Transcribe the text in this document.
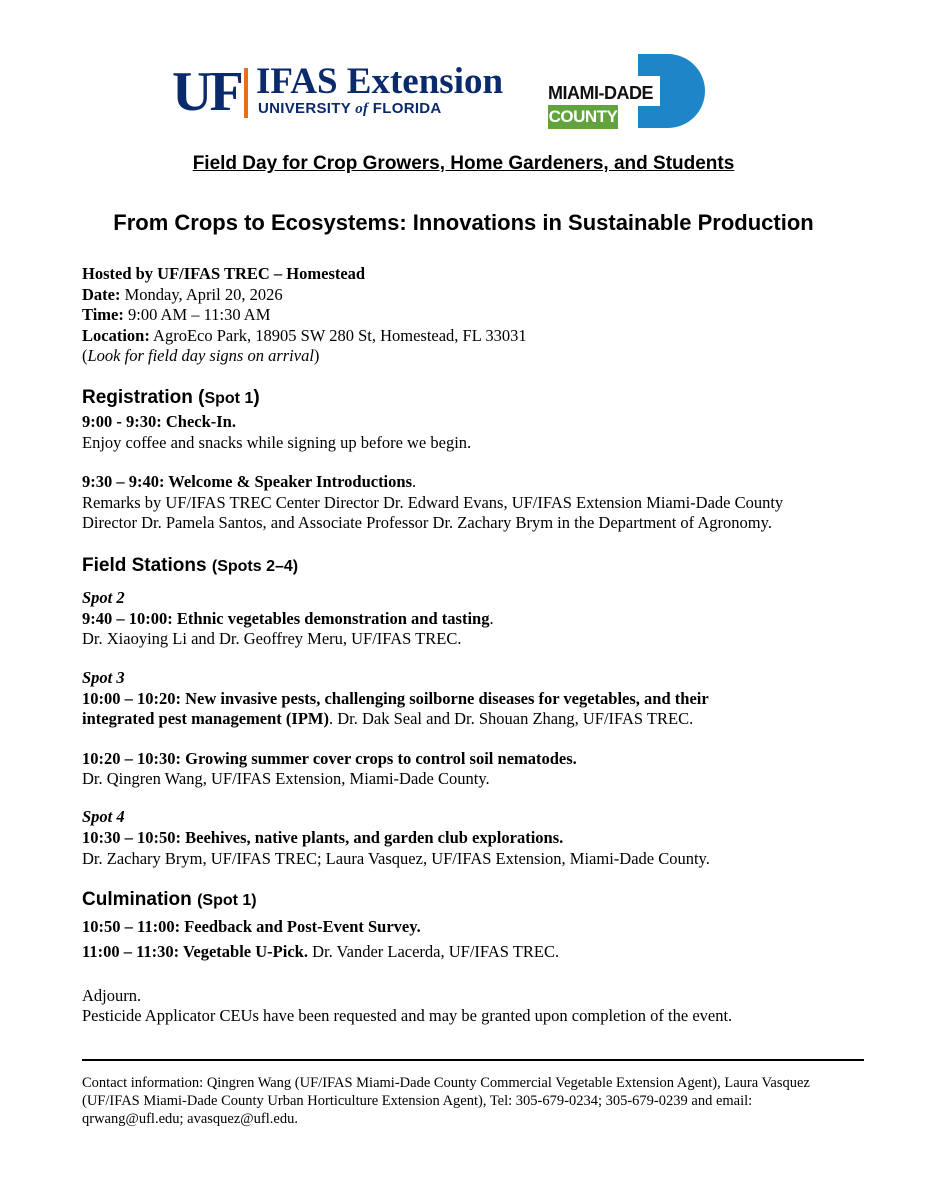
UF IFAS Extension
UNIVERSITY of FLORIDA
MIAMI-DADE
COUNTY
Field Day for Crop Growers, Home Gardeners, and Students
From Crops to Ecosystems: Innovations in Sustainable Production
Hosted by UF/IFAS TREC – Homestead
Date: Monday, April 20, 2026
Time: 9:00 AM – 11:30 AM
Location: AgroEco Park, 18905 SW 280 St, Homestead, FL 33031
(Look for field day signs on arrival)
Registration (Spot 1)
9:00 - 9:30: Check-In.
Enjoy coffee and snacks while signing up before we begin.
9:30 – 9:40: Welcome & Speaker Introductions.
Remarks by UF/IFAS TREC Center Director Dr. Edward Evans, UF/IFAS Extension Miami-Dade County
Director Dr. Pamela Santos, and Associate Professor Dr. Zachary Brym in the Department of Agronomy.
Field Stations (Spots 2–4)
Spot 2
9:40 – 10:00: Ethnic vegetables demonstration and tasting.
Dr. Xiaoying Li and Dr. Geoffrey Meru, UF/IFAS TREC.
Spot 3
10:00 – 10:20: New invasive pests, challenging soilborne diseases for vegetables, and their
integrated pest management (IPM). Dr. Dak Seal and Dr. Shouan Zhang, UF/IFAS TREC.
10:20 – 10:30: Growing summer cover crops to control soil nematodes.
Dr. Qingren Wang, UF/IFAS Extension, Miami-Dade County.
Spot 4
10:30 – 10:50: Beehives, native plants, and garden club explorations.
Dr. Zachary Brym, UF/IFAS TREC; Laura Vasquez, UF/IFAS Extension, Miami-Dade County.
Culmination (Spot 1)
10:50 – 11:00: Feedback and Post-Event Survey.
11:00 – 11:30: Vegetable U-Pick. Dr. Vander Lacerda, UF/IFAS TREC.
Adjourn.
Pesticide Applicator CEUs have been requested and may be granted upon completion of the event.
Contact information: Qingren Wang (UF/IFAS Miami-Dade County Commercial Vegetable Extension Agent), Laura Vasquez
(UF/IFAS Miami-Dade County Urban Horticulture Extension Agent), Tel: 305-679-0234; 305-679-0239 and email:
qrwang@ufl.edu; avasquez@ufl.edu.
